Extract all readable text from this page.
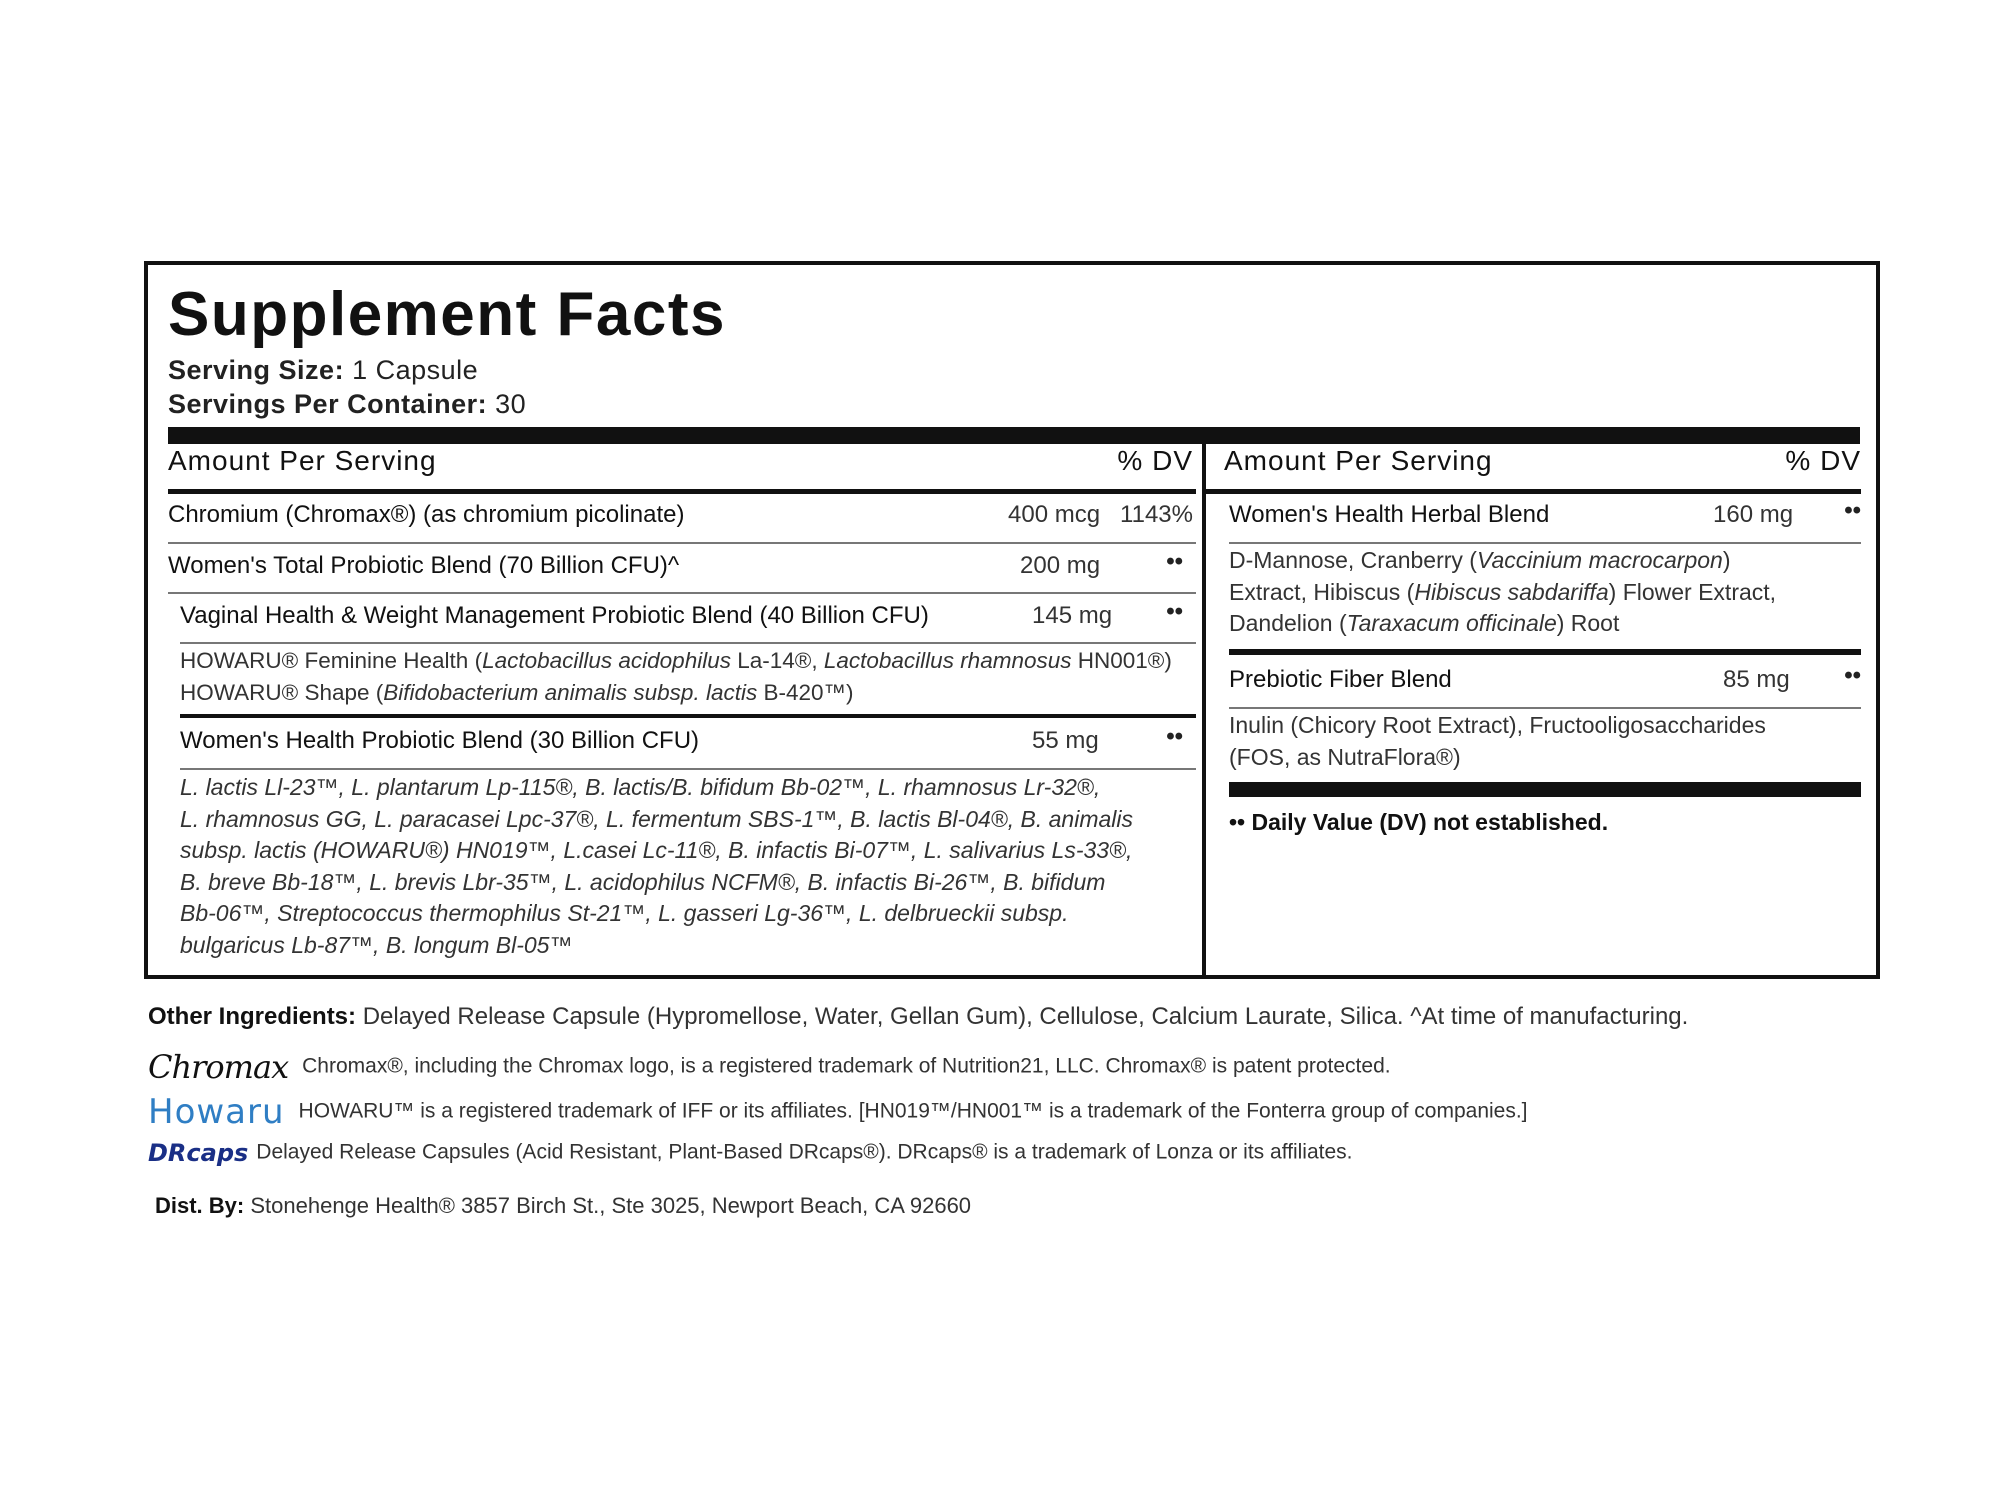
Supplement Facts
Serving Size: 1 Capsule
Servings Per Container: 30
Amount Per Serving	% DV
Chromium (Chromax®) (as chromium picolinate)	400 mcg 1143%
Women's Total Probiotic Blend (70 Billion CFU)^	200 mg	••
Vaginal Health & Weight Management Probiotic Blend (40 Billion CFU)	145 mg ••
HOWARU® Feminine Health (Lactobacillus acidophilus La-14®, Lactobacillus rhamnosus HN001®)
HOWARU® Shape (Bifidobacterium animalis subsp. lactis B-420™)
Women's Health Probiotic Blend (30 Billion CFU)	55 mg	••
L. lactis Ll-23™, L. plantarum Lp-115®, B. lactis/B. bifidum Bb-02™, L. rhamnosus Lr-32®,
L. rhamnosus GG, L. paracasei Lpc-37®, L. fermentum SBS-1™, B. lactis Bl-04®, B. animalis
subsp. lactis (HOWARU®) HN019™, L.casei Lc-11®, B. infactis Bi-07™, L. salivarius Ls-33®,
B. breve Bb-18™, L. brevis Lbr-35™, L. acidophilus NCFM®, B. infactis Bi-26™, B. bifidum
Bb-06™, Streptococcus thermophilus St-21™, L. gasseri Lg-36™, L. delbrueckii subsp.
bulgaricus Lb-87™, B. longum Bl-05™
Amount Per Serving	% DV
Women's Health Herbal Blend	160 mg ••
D-Mannose, Cranberry (Vaccinium macrocarpon)
Extract, Hibiscus (Hibiscus sabdariffa) Flower Extract,
Dandelion (Taraxacum officinale) Root
Prebiotic Fiber Blend	85 mg ••
Inulin (Chicory Root Extract), Fructooligosaccharides
(FOS, as NutraFlora®)
•• Daily Value (DV) not established.
Other Ingredients: Delayed Release Capsule (Hypromellose, Water, Gellan Gum), Cellulose, Calcium Laurate, Silica. ^At time of manufacturing.
Chromax Chromax®, including the Chromax logo, is a registered trademark of Nutrition21, LLC. Chromax® is patent protected.
Howaru HOWARU™ is a registered trademark of IFF or its affiliates. [HN019™/HN001™ is a trademark of the Fonterra group of companies.]
DRcaps Delayed Release Capsules (Acid Resistant, Plant-Based DRcaps®). DRcaps® is a trademark of Lonza or its affiliates.
Dist. By: Stonehenge Health® 3857 Birch St., Ste 3025, Newport Beach, CA 92660
